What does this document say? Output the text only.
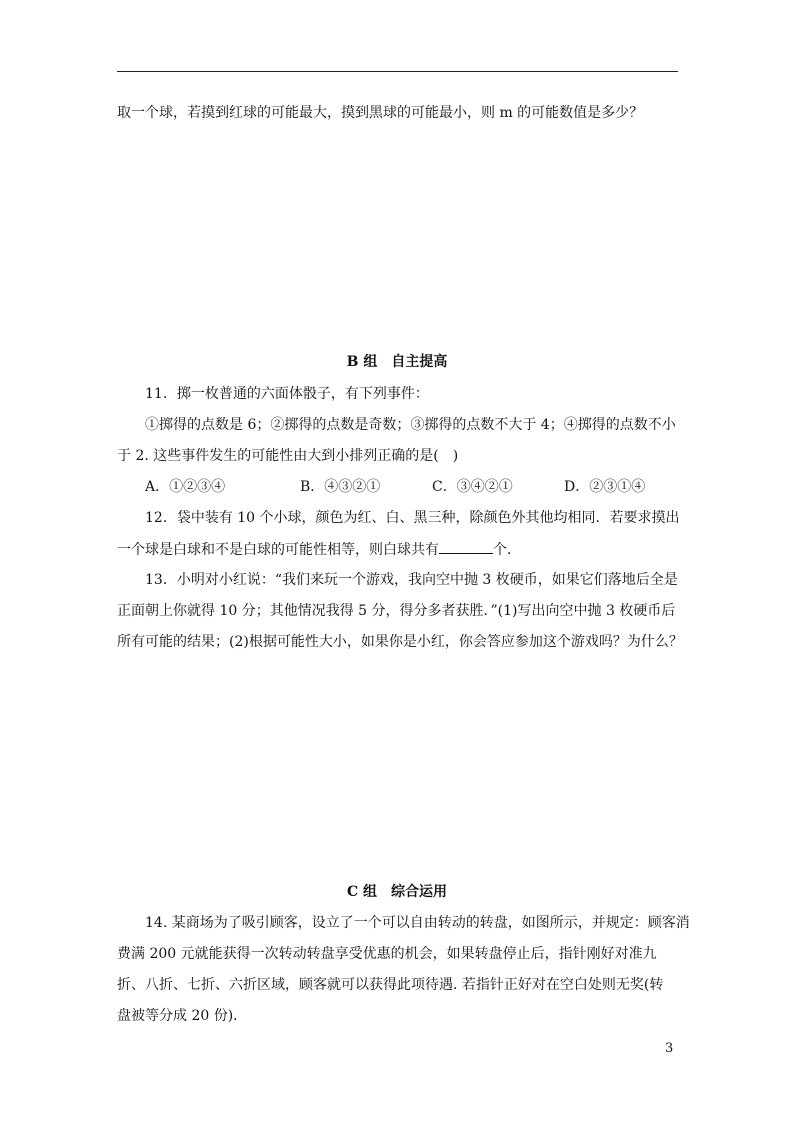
取一个球，若摸到红球的可能最大，摸到黑球的可能最小，则 m 的可能数值是多少？
B 组　自主提高
11．掷一枚普通的六面体骰子，有下列事件：
①掷得的点数是 6；②掷得的点数是奇数；③掷得的点数不大于 4；④掷得的点数不小
于 2. 这些事件发生的可能性由大到小排列正确的是(　)
A．①②③④	B．④③②①	C．③④②①	D．②③①④
12．袋中装有 10 个小球，颜色为红、白、黑三种，除颜色外其他均相同．若要求摸出
一个球是白球和不是白球的可能性相等，则白球共有	个．
13．小明对小红说：“我们来玩一个游戏，我向空中抛 3 枚硬币，如果它们落地后全是
正面朝上你就得 10 分；其他情况我得 5 分，得分多者获胜．”(1)写出向空中抛 3 枚硬币后
所有可能的结果；(2)根据可能性大小，如果你是小红，你会答应参加这个游戏吗？为什么？
C 组　综合运用
14. 某商场为了吸引顾客，设立了一个可以自由转动的转盘，如图所示，并规定：顾客消
费满 200 元就能获得一次转动转盘享受优惠的机会，如果转盘停止后，指针刚好对准九
折、八折、七折、六折区域，顾客就可以获得此项待遇. 若指针正好对在空白处则无奖(转
盘被等分成 20 份)．
3
